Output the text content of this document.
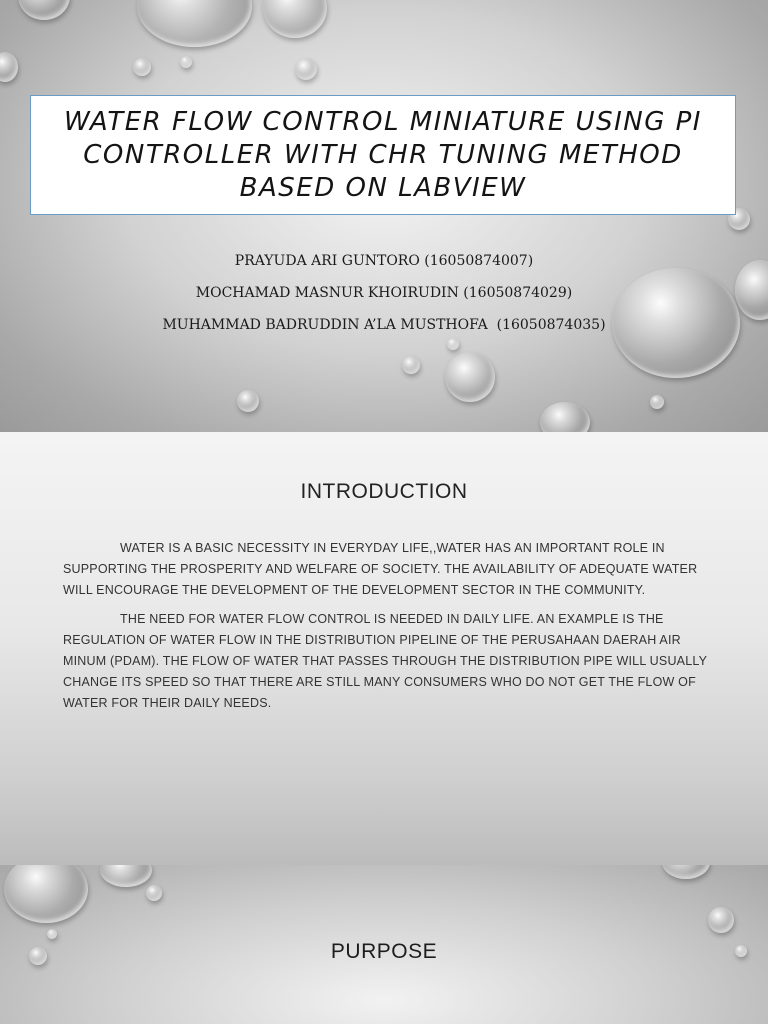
WATER FLOW CONTROL MINIATURE USING PI CONTROLLER WITH CHR TUNING METHOD BASED ON LABVIEW
PRAYUDA ARI GUNTORO (16050874007)
MOCHAMAD MASNUR KHOIRUDIN (16050874029)
MUHAMMAD BADRUDDIN A’LA MUSTHOFA  (16050874035)
INTRODUCTION

WATER IS A BASIC NECESSITY IN EVERYDAY LIFE,,WATER HAS AN IMPORTANT ROLE IN SUPPORTING THE PROSPERITY AND WELFARE OF SOCIETY. THE AVAILABILITY OF ADEQUATE WATER WILL ENCOURAGE THE DEVELOPMENT OF THE DEVELOPMENT SECTOR IN THE COMMUNITY.

THE NEED FOR WATER FLOW CONTROL IS NEEDED IN DAILY LIFE. AN EXAMPLE IS THE REGULATION OF WATER FLOW IN THE DISTRIBUTION PIPELINE OF THE PERUSAHAAN DAERAH AIR MINUM (PDAM). THE FLOW OF WATER THAT PASSES THROUGH THE DISTRIBUTION PIPE WILL USUALLY CHANGE ITS SPEED SO THAT THERE ARE STILL MANY CONSUMERS WHO DO NOT GET THE FLOW OF WATER FOR THEIR DAILY NEEDS.

PURPOSE
